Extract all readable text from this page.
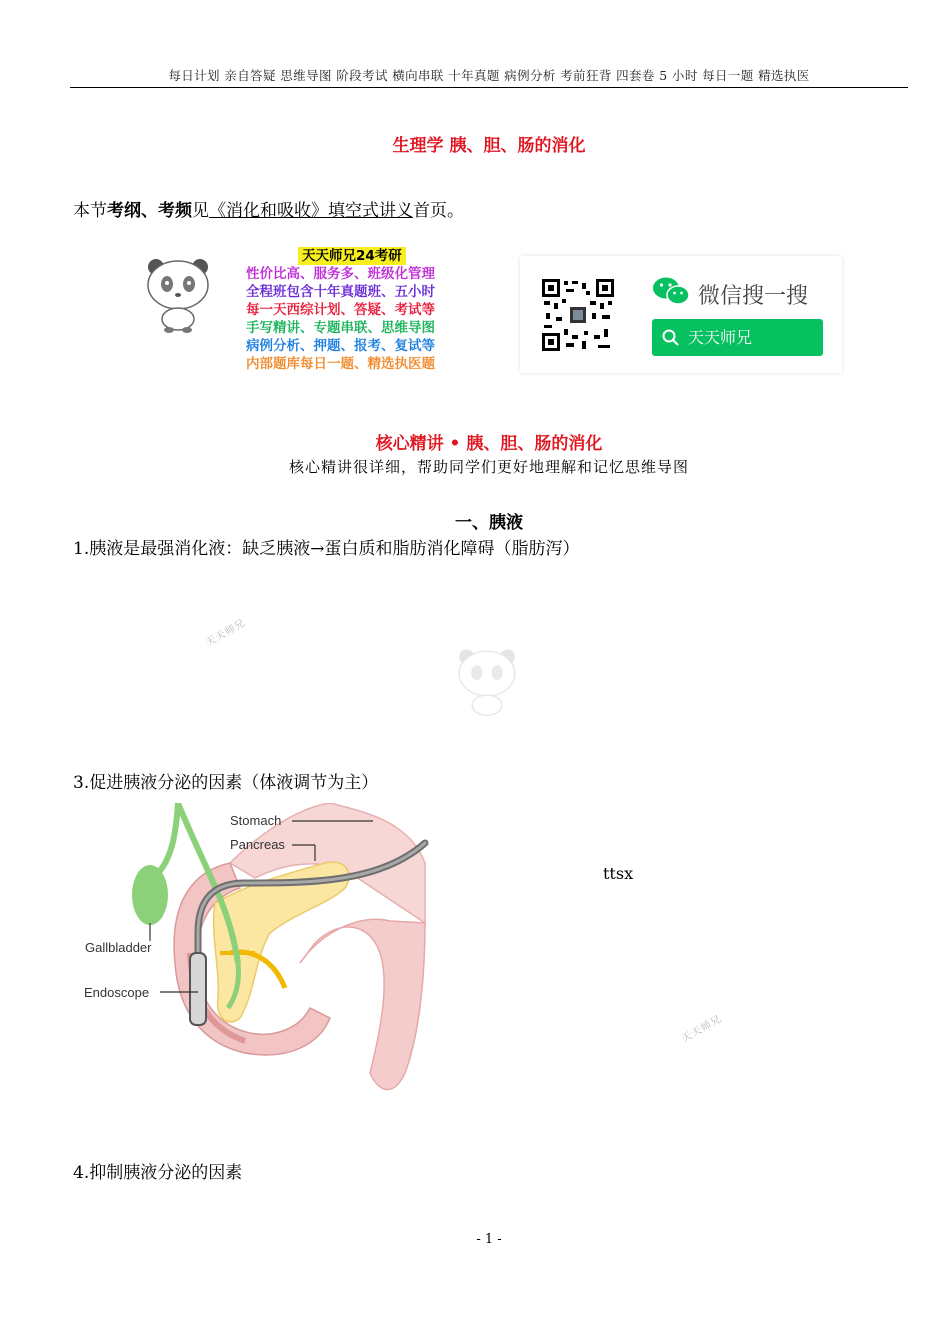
每日计划 亲自答疑 思维导图 阶段考试 横向串联 十年真题 病例分析 考前狂背 四套卷 5 小时 每日一题 精选执医
生理学 胰、胆、肠的消化
本节考纲、考频见《消化和吸收》填空式讲义首页。
天天师兄24考研
性价比高、服务多、班级化管理
全程班包含十年真题班、五小时
每一天西综计划、答疑、考试等
手写精讲、专题串联、思维导图
病例分析、押题、报考、复试等
内部题库每日一题、精选执医题
微信搜一搜
天天师兄
核心精讲 • 胰、胆、肠的消化
核心精讲很详细，帮助同学们更好地理解和记忆思维导图
一、胰液
1.胰液是最强消化液：缺乏胰液→蛋白质和脂肪消化障碍（脂肪泻）
天天师兄
天天师兄
3.促进胰液分泌的因素（体液调节为主）
Stomach
Pancreas
Gallbladder
Endoscope
ttsx
4.抑制胰液分泌的因素
- 1 -
